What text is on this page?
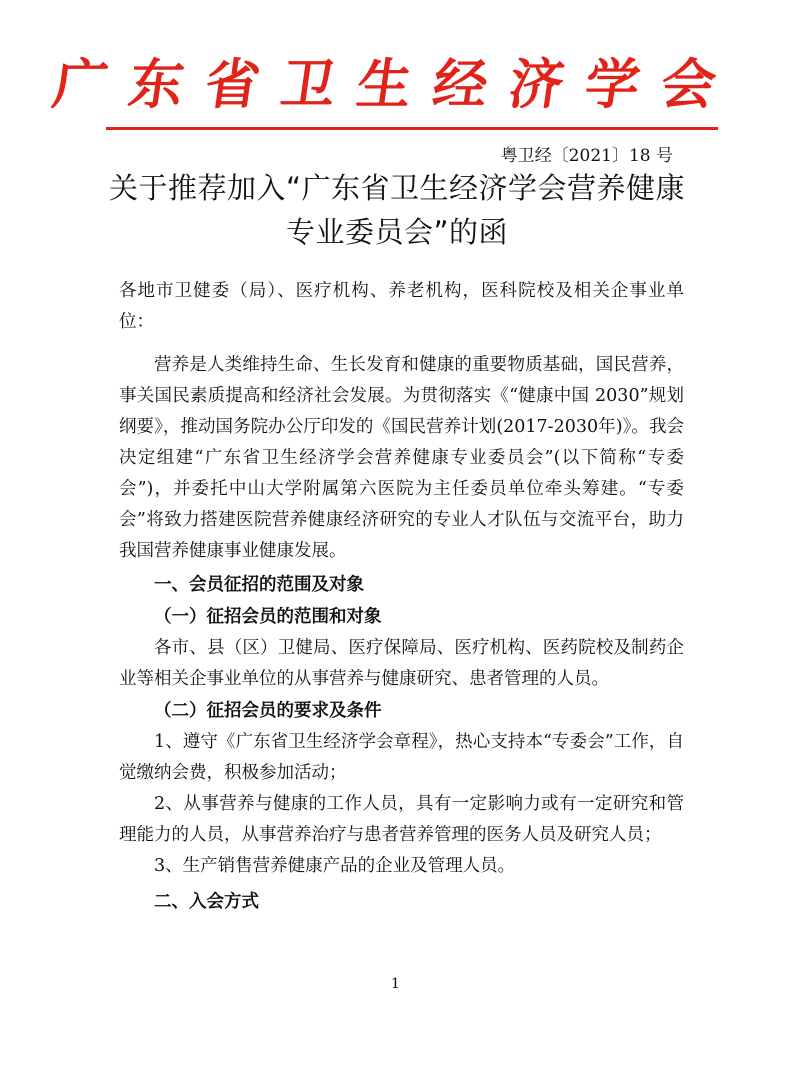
广东省卫生经济学会
粤卫经〔2021〕18 号
关于推荐加入“广东省卫生经济学会营养健康专业委员会”的函

各地市卫健委（局）、医疗机构、养老机构，医科院校及相关企事业单位：

营养是人类维持生命、生长发育和健康的重要物质基础，国民营养，事关国民素质提高和经济社会发展。为贯彻落实《“健康中国 2030”规划纲要》，推动国务院办公厅印发的《国民营养计划(2017-2030年)》。我会决定组建“广东省卫生经济学会营养健康专业委员会”(以下简称“专委会”)，并委托中山大学附属第六医院为主任委员单位牵头筹建。“专委会”将致力搭建医院营养健康经济研究的专业人才队伍与交流平台，助力我国营养健康事业健康发展。

一、会员征招的范围及对象
（一）征招会员的范围和对象

各市、县（区）卫健局、医疗保障局、医疗机构、医药院校及制药企业等相关企事业单位的从事营养与健康研究、患者管理的人员。

（二）征招会员的要求及条件

1、遵守《广东省卫生经济学会章程》，热心支持本“专委会”工作，自觉缴纳会费，积极参加活动；

2、从事营养与健康的工作人员，具有一定影响力或有一定研究和管理能力的人员，从事营养治疗与患者营养管理的医务人员及研究人员；

3、生产销售营养健康产品的企业及管理人员。

二、入会方式
1
